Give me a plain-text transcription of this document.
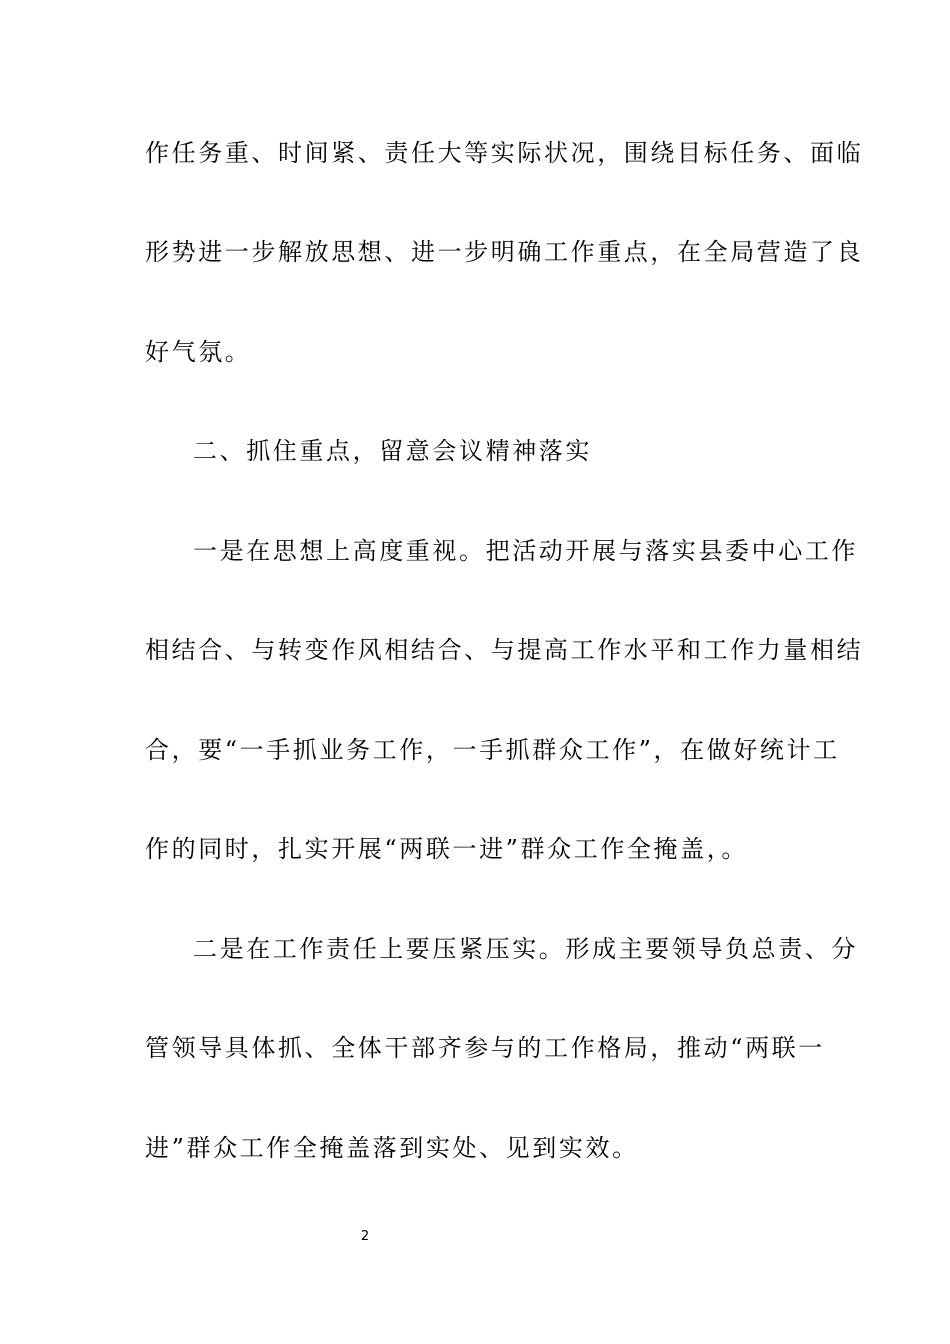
作任务重、时间紧、责任大等实际状况，围绕目标任务、面临
形势进一步解放思想、进一步明确工作重点，在全局营造了良
好气氛。
二、抓住重点，留意会议精神落实
一是在思想上高度重视。把活动开展与落实县委中心工作
相结合、与转变作风相结合、与提高工作水平和工作力量相结
合，要“一手抓业务工作，一手抓群众工作”，在做好统计工
作的同时，扎实开展“两联一进”群众工作全掩盖，。
二是在工作责任上要压紧压实。形成主要领导负总责、分
管领导具体抓、全体干部齐参与的工作格局，推动“两联一
进”群众工作全掩盖落到实处、见到实效。
2
